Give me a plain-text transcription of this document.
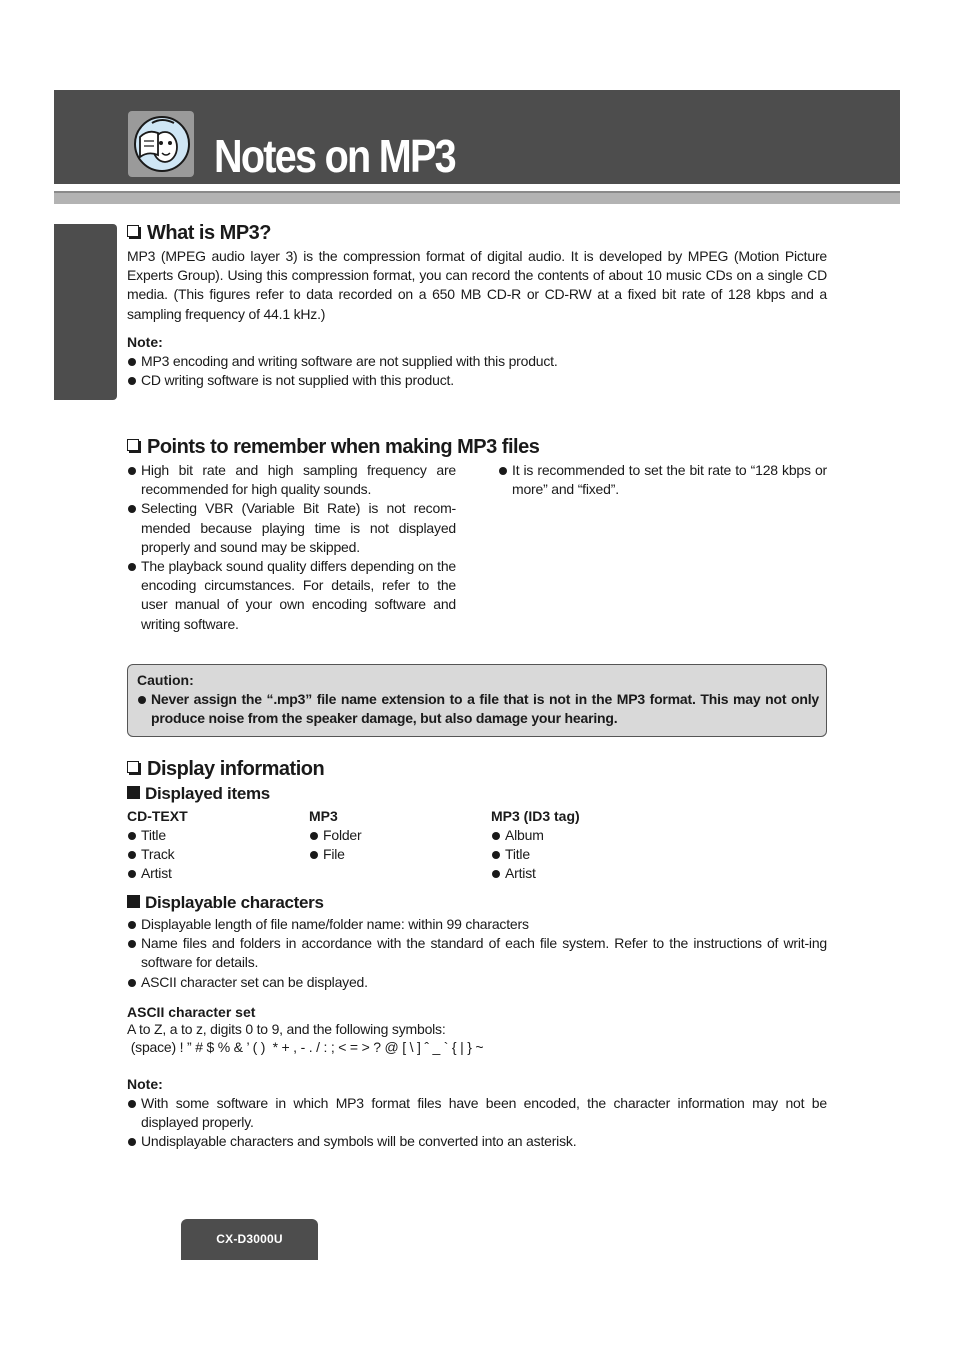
Notes on MP3
What is MP3?
MP3 (MPEG audio layer 3) is the compression format of digital audio. It is developed by MPEG (Motion Picture Experts Group). Using this compression format, you can record the contents of about 10 music CDs on a single CD media. (This figures refer to data recorded on a 650 MB CD-R or CD-RW at a fixed bit rate of 128 kbps and a sampling frequency of 44.1 kHz.)
Note:
MP3 encoding and writing software are not supplied with this product.
CD writing software is not supplied with this product.
Points to remember when making MP3 files
High bit rate and high sampling frequency are recommended for high quality sounds.
Selecting VBR (Variable Bit Rate) is not recom-mended because playing time is not displayed properly and sound may be skipped.
The playback sound quality differs depending on the encoding circumstances. For details, refer to the user manual of your own encoding software and writing software.
It is recommended to set the bit rate to “128 kbps or more” and “fixed”.
Display information
Displayed items
CD-TEXT
Title
Track
Artist
MP3
Folder
File
MP3 (ID3 tag)
Album
Title
Artist
Displayable characters
Displayable length of file name/folder name: within 99 characters
Name files and folders in accordance with the standard of each file system. Refer to the instructions of writ-ing software for details.
ASCII character set can be displayed.
ASCII character set
A to Z, a to z, digits 0 to 9, and the following symbols:
(space) ! ” # $ % & ’ ( )  * + , - . / : ; < = > ? @ [ \ ] ˆ _ ` { | } ~
Note:
With some software in which MP3 format files have been encoded, the character information may not be displayed properly.
Undisplayable characters and symbols will be converted into an asterisk.
Caution:
Never assign the “.mp3” file name extension to a file that is not in the MP3 format. This may not only produce noise from the speaker damage, but also damage your hearing.
CX-D3000U
